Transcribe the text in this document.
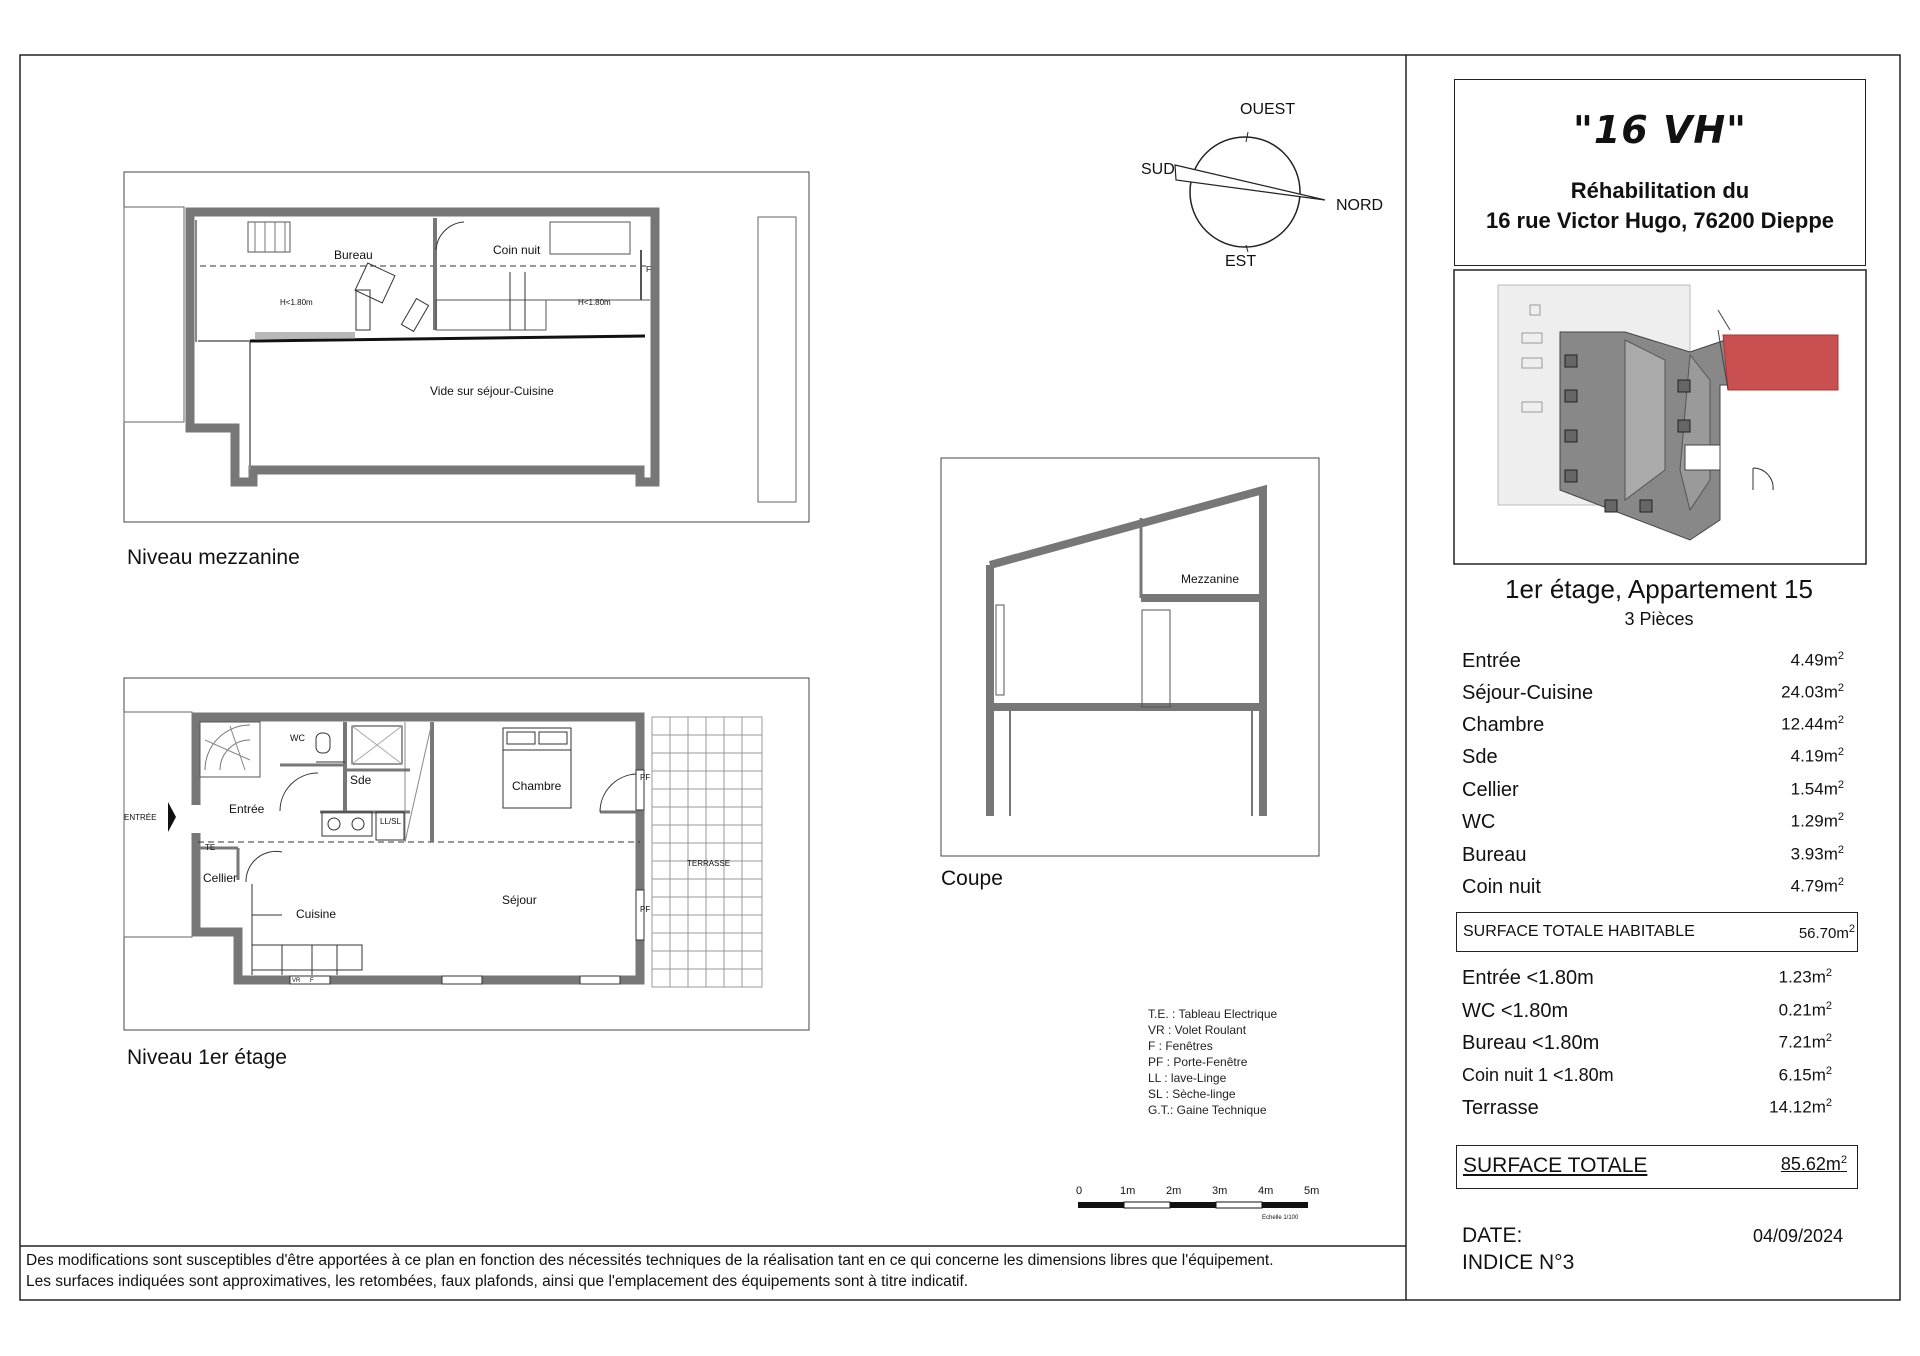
OUEST
SUD
NORD
EST
Bureau	Coin nuit
Vide sur séjour-Cuisine
H<1.80m	H<1.80m
F
WC
Sde	Chambre
Entrée
ENTRÉE	LL/SL
TE
Cellier
Cuisine
Séjour
TERRASSE
PF
PF
VR F
Mezzanine
Niveau mezzanine
Niveau 1er étage
Coupe
T.E. : Tableau Electrique
VR : Volet Roulant
F : Fenêtres
PF : Porte-Fenêtre
LL : lave-Linge
SL : Sèche-linge
G.T.: Gaine Technique
0	1m	2m	3m	4m	5m
Echelle 1/100
"16 VH"
Réhabilitation du
16 rue Victor Hugo, 76200 Dieppe
1er étage, Appartement 15
3 Pièces
Entrée	$4.49m^2$
Séjour-Cuisine	$24.03m^2$
Chambre	$12.44m^2$
Sde	$4.19m^2$
Cellier	$1.54m^2$
WC	$1.29m^2$
Bureau	$3.93m^2$
Coin nuit	$4.79m^2$
SURFACE TOTALE HABITABLE	$56.70m^2$
Entrée <1.80m	$1.23m^2$
WC <1.80m	$0.21m^2$
Bureau <1.80m	$7.21m^2$
Coin nuit 1 <1.80m	$6.15m^2$
Terrasse	$14.12m^2$
SURFACE TOTALE	$85.62m^2$
DATE:	04/09/2024
INDICE N°3
Des modifications sont susceptibles d'être apportées à ce plan en fonction des nécessités techniques de la réalisation tant en ce qui concerne les dimensions libres que l'équipement.
Les surfaces indiquées sont approximatives, les retombées, faux plafonds, ainsi que l'emplacement des équipements sont à titre indicatif.
